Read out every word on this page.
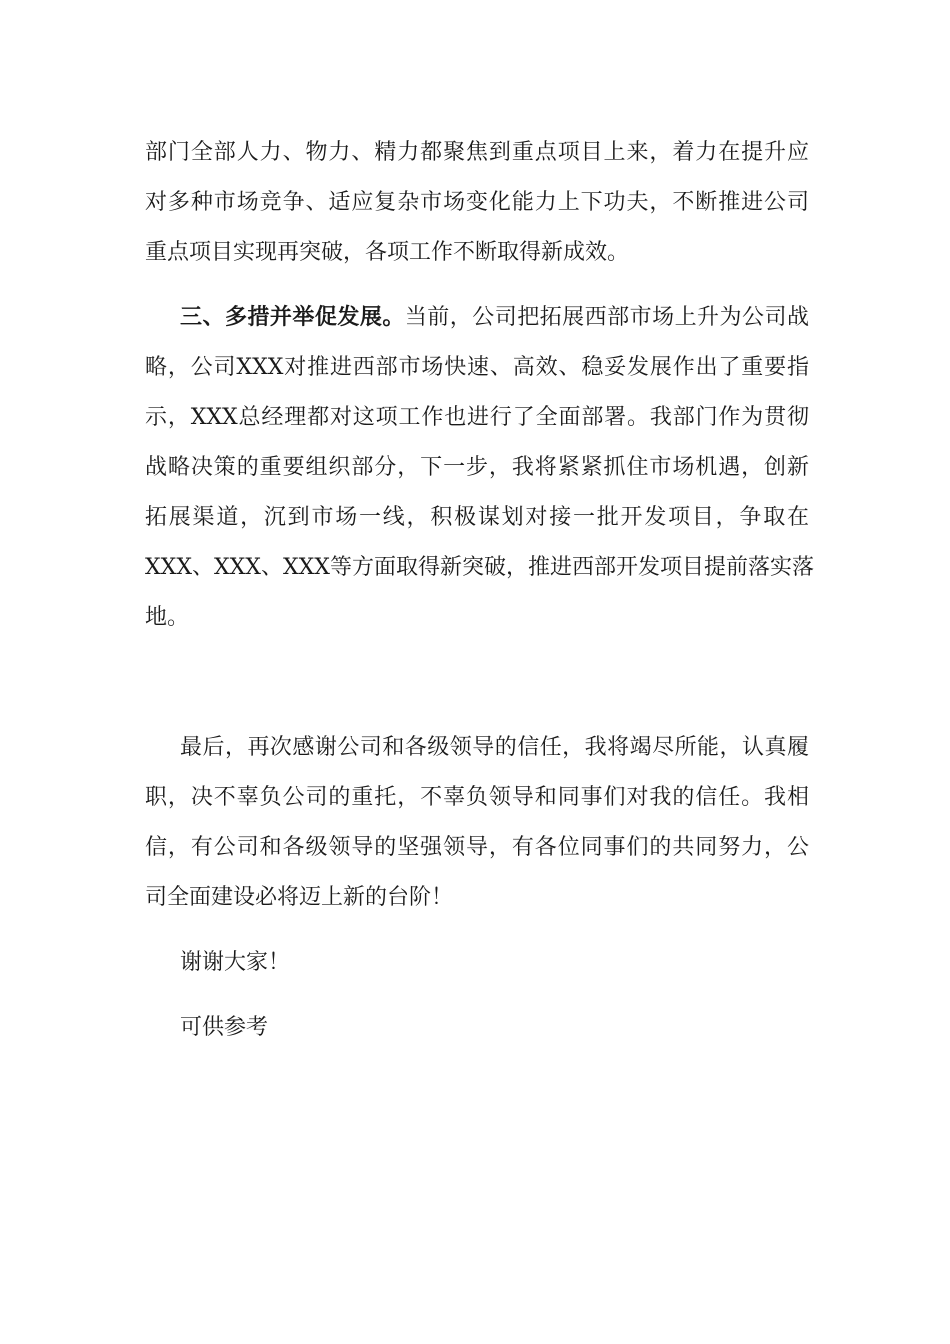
部门全部人力、物力、精力都聚焦到重点项目上来，着力在提升应
对多种市场竞争、适应复杂市场变化能力上下功夫，不断推进公司
重点项目实现再突破，各项工作不断取得新成效。
三、多措并举促发展。当前，公司把拓展西部市场上升为公司战
略，公司XXX对推进西部市场快速、高效、稳妥发展作出了重要指
示，XXX总经理都对这项工作也进行了全面部署。我部门作为贯彻
战略决策的重要组织部分，下一步，我将紧紧抓住市场机遇，创新
拓展渠道，沉到市场一线，积极谋划对接一批开发项目，争取在
XXX、XXX、XXX等方面取得新突破，推进西部开发项目提前落实落
地。
最后，再次感谢公司和各级领导的信任，我将竭尽所能，认真履
职，决不辜负公司的重托，不辜负领导和同事们对我的信任。我相
信，有公司和各级领导的坚强领导，有各位同事们的共同努力，公
司全面建设必将迈上新的台阶！
谢谢大家！
可供参考
